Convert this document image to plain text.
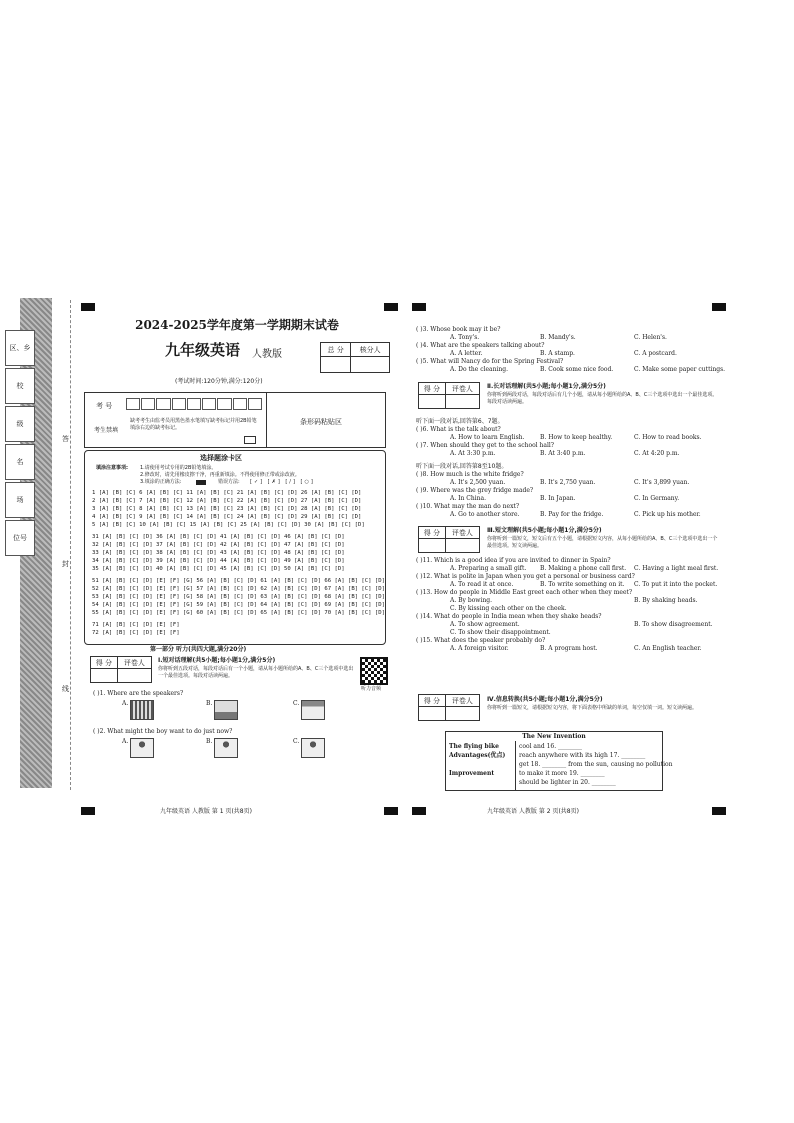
区 、 乡
校
级
名
场
位号
答
封
线
2024-2025学年度第一学期期末试卷
九年级英语 人教版	总 分	核分人

(考试时间:120分钟,满分:120分)
考 号
考生禁填
缺考考生由监考员用黑色墨水笔填写缺考标记并用2B铅笔填涂右边的缺考标记。
条形码粘贴区
选择题涂卡区
填涂注意事项: 1.请使用考试专用的2B铅笔填涂。
2.修改时，请先用橡皮擦干净，再重新填涂。不得使用修正带或涂改液。
3.填涂的正确方法:	错误方法: [✓] [✗] [/] [○]
1 [A] [B] [C] 6 [A] [B] [C] 11 [A] [B] [C] 21 [A] [B] [C] [D] 26 [A] [B] [C] [D]
2 [A] [B] [C] 7 [A] [B] [C] 12 [A] [B] [C] 22 [A] [B] [C] [D] 27 [A] [B] [C] [D]
3 [A] [B] [C] 8 [A] [B] [C] 13 [A] [B] [C] 23 [A] [B] [C] [D] 28 [A] [B] [C] [D]
4 [A] [B] [C] 9 [A] [B] [C] 14 [A] [B] [C] 24 [A] [B] [C] [D] 29 [A] [B] [C] [D]
5 [A] [B] [C] 10 [A] [B] [C] 15 [A] [B] [C] 25 [A] [B] [C] [D] 30 [A] [B] [C] [D]
31 [A] [B] [C] [D] 36 [A] [B] [C] [D] 41 [A] [B] [C] [D] 46 [A] [B] [C] [D]
32 [A] [B] [C] [D] 37 [A] [B] [C] [D] 42 [A] [B] [C] [D] 47 [A] [B] [C] [D]
33 [A] [B] [C] [D] 38 [A] [B] [C] [D] 43 [A] [B] [C] [D] 48 [A] [B] [C] [D]
34 [A] [B] [C] [D] 39 [A] [B] [C] [D] 44 [A] [B] [C] [D] 49 [A] [B] [C] [D]
35 [A] [B] [C] [D] 40 [A] [B] [C] [D] 45 [A] [B] [C] [D] 50 [A] [B] [C] [D]
51 [A] [B] [C] [D] [E] [F] [G] 56 [A] [B] [C] [D] 61 [A] [B] [C] [D] 66 [A] [B] [C] [D]
52 [A] [B] [C] [D] [E] [F] [G] 57 [A] [B] [C] [D] 62 [A] [B] [C] [D] 67 [A] [B] [C] [D]
53 [A] [B] [C] [D] [E] [F] [G] 58 [A] [B] [C] [D] 63 [A] [B] [C] [D] 68 [A] [B] [C] [D]
54 [A] [B] [C] [D] [E] [F] [G] 59 [A] [B] [C] [D] 64 [A] [B] [C] [D] 69 [A] [B] [C] [D]
55 [A] [B] [C] [D] [E] [F] [G] 60 [A] [B] [C] [D] 65 [A] [B] [C] [D] 70 [A] [B] [C] [D]
71 [A] [B] [C] [D] [E] [F]
72 [A] [B] [C] [D] [E] [F]
第一部分 听力(共四大题,满分20分)
得 分	评卷人
	Ⅰ.短对话理解(共5小题;每小题1分,满分5分)
你将听到五段对话，每段对话后有一个小题，请从每小题所给的A、B、C三个选项中选出一个最佳选项。每段对话读两遍。
听力音频
( )1. Where are the speakers?
A.	B.	C.
( )2. What might the boy want to do just now?
A.	B.	C.
九年级英语 人教版 第 1 页(共8页)
( )3. Whose book may it be?
A. Tony's.	B. Mandy's.	C. Helen's.
( )4. What are the speakers talking about?
A. A letter.	B. A stamp.	C. A postcard.
( )5. What will Nancy do for the Spring Festival?
A. Do the cleaning.	B. Cook some nice food.	C. Make some paper cuttings.
得 分	评卷人
	Ⅱ.长对话理解(共5小题;每小题1分,满分5分)
你将听到两段对话，每段对话后有几个小题，请从每小题所给的A、B、C三个选项中选出一个最佳选项。每段对话读两遍。
听下面一段对话,回答第6、7题。
听下面一段对话,回答第8至10题。
( )6. What is the talk about?
A. How to learn English.	B. How to keep healthy.	C. How to read books.
( )7. When should they get to the school hall?
A. At 3:30 p.m.	B. At 3:40 p.m.	C. At 4:20 p.m.
( )8. How much is the white fridge?
A. It's 2,500 yuan.	B. It's 2,750 yuan.	C. It's 3,899 yuan.
( )9. Where was the grey fridge made?
A. In China.	B. In Japan.	C. In Germany.
( )10. What may the man do next?
A. Go to another store.	B. Pay for the fridge.	C. Pick up his mother.
得 分	评卷人
	Ⅲ.短文理解(共5小题;每小题1分,满分5分)
你将听到一篇短文，短文后有五个小题，请根据短文内容，从每小题所给的A、B、C三个选项中选出一个最佳选项。短文读两遍。
( )11. Which is a good idea if you are invited to dinner in Spain?
A. Preparing a small gift. B. Making a phone call first. C. Having a light meal first.
( )12. What is polite in Japan when you get a personal or business card?
A. To read it at once.	B. To write something on it. C. To put it into the pocket.
( )13. How do people in Middle East greet each other when they meet?
A. By bowing.	B. By shaking heads.
C. By kissing each other on the cheek.
( )14. What do people in India mean when they shake heads?
A. To show agreement.	B. To show disagreement.
C. To show their disappointment.
( )15. What does the speaker probably do?
A. A foreign visitor.	B. A program host.	C. An English teacher.
得 分	评卷人
	Ⅳ.信息转换(共5小题;每小题1分,满分5分)
你将听到一篇短文，请根据短文内容，将下面表格中所缺的单词，每空仅填一词。短文读两遍。
The New Invention
The flying bike	cool and 16. ________
Advantages(优点) reach anywhere with its high 17. ________
get 18. ________ from the sun, causing no pollution
Improvement	to make it more 19. ________
should be lighter in 20. ________
九年级英语 人教版 第 2 页(共8页)
